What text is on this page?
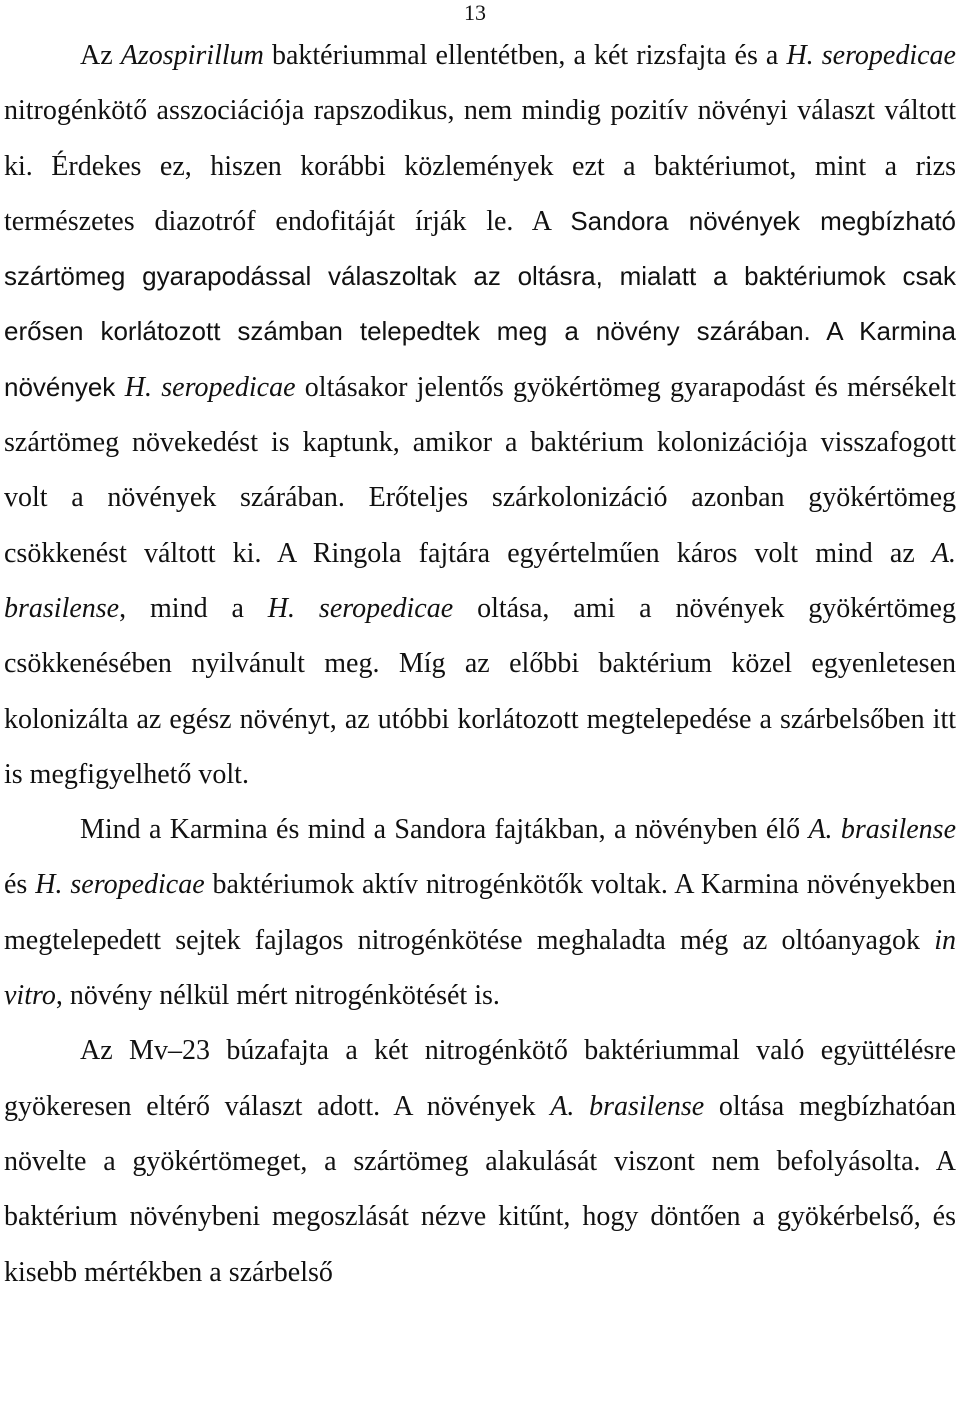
13

Az Azospirillum baktériummal ellentétben, a két rizsfajta és a H. seropedicae nitrogénkötő asszociációja rapszodikus, nem mindig pozitív növényi választ váltott ki. Érdekes ez, hiszen korábbi közlemények ezt a baktériumot, mint a rizs természetes diazotróf endofitáját írják le. A Sandora növények megbízható szártömeg gyarapodással válaszoltak az oltásra, mialatt a baktériumok csak erősen korlátozott számban telepedtek meg a növény szárában. A Karmina növények H. seropedicae oltásakor jelentős gyökértömeg gyarapodást és mérsékelt szártömeg növekedést is kaptunk, amikor a baktérium kolonizációja visszafogott volt a növények szárában. Erőteljes szárkolonizáció azonban gyökértömeg csökkenést váltott ki. A Ringola fajtára egyértelműen káros volt mind az A. brasilense, mind a H. seropedicae oltása, ami a növények gyökértömeg csökkenésében nyilvánult meg. Míg az előbbi baktérium közel egyenletesen kolonizálta az egész növényt, az utóbbi korlátozott megtelepedése a szárbelsőben itt is megfigyelhető volt.

Mind a Karmina és mind a Sandora fajtákban, a növényben élő A. brasilense és H. seropedicae baktériumok aktív nitrogénkötők voltak. A Karmina növényekben megtelepedett sejtek fajlagos nitrogénkötése meghaladta még az oltóanyagok in vitro, növény nélkül mért nitrogénkötését is.

Az Mv–23 búzafajta a két nitrogénkötő baktériummal való együttélésre gyökeresen eltérő választ adott. A növények A. brasilense oltása megbízhatóan növelte a gyökértömeget, a szártömeg alakulását viszont nem befolyásolta. A baktérium növénybeni megoszlását nézve kitűnt, hogy döntően a gyökérbelső, és kisebb mértékben a szárbelső
